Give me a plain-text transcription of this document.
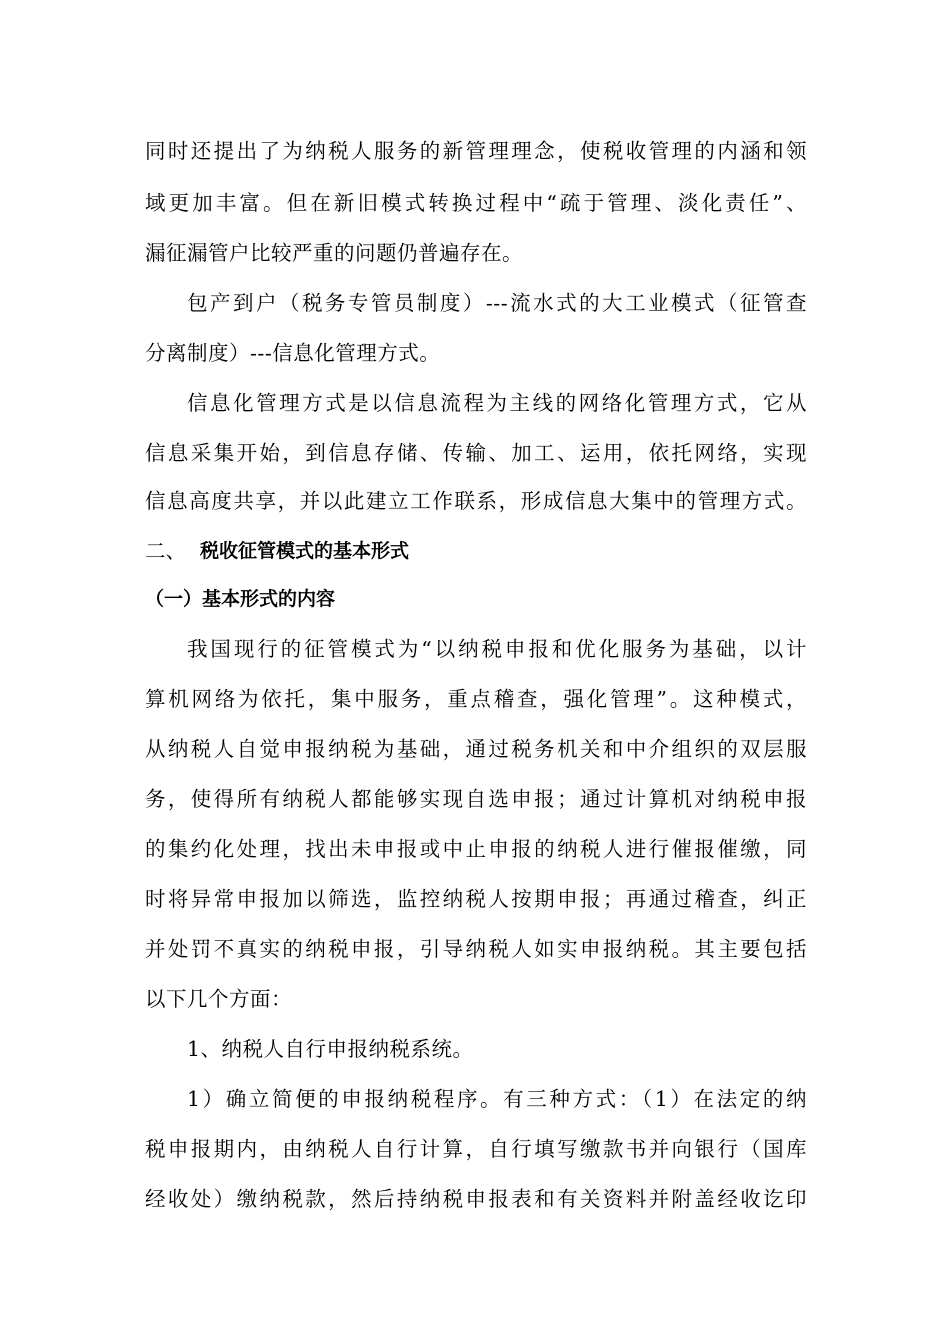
同时还提出了为纳税人服务的新管理理念，使税收管理的内涵和领
域更加丰富。但在新旧模式转换过程中“疏于管理、淡化责任”、
漏征漏管户比较严重的问题仍普遍存在。
包产到户（税务专管员制度）---流水式的大工业模式（征管查
分离制度）---信息化管理方式。
信息化管理方式是以信息流程为主线的网络化管理方式，它从
信息采集开始，到信息存储、传输、加工、运用，依托网络，实现
信息高度共享，并以此建立工作联系，形成信息大集中的管理方式。
二、 税收征管模式的基本形式
（一）基本形式的内容
我国现行的征管模式为“以纳税申报和优化服务为基础，以计
算机网络为依托，集中服务，重点稽查，强化管理”。这种模式，
从纳税人自觉申报纳税为基础，通过税务机关和中介组织的双层服
务，使得所有纳税人都能够实现自选申报；通过计算机对纳税申报
的集约化处理，找出未申报或中止申报的纳税人进行催报催缴，同
时将异常申报加以筛选，监控纳税人按期申报；再通过稽查，纠正
并处罚不真实的纳税申报，引导纳税人如实申报纳税。其主要包括
以下几个方面：
1、纳税人自行申报纳税系统。
1）确立简便的申报纳税程序。有三种方式：（1）在法定的纳
税申报期内，由纳税人自行计算，自行填写缴款书并向银行（国库
经收处）缴纳税款，然后持纳税申报表和有关资料并附盖经收讫印
